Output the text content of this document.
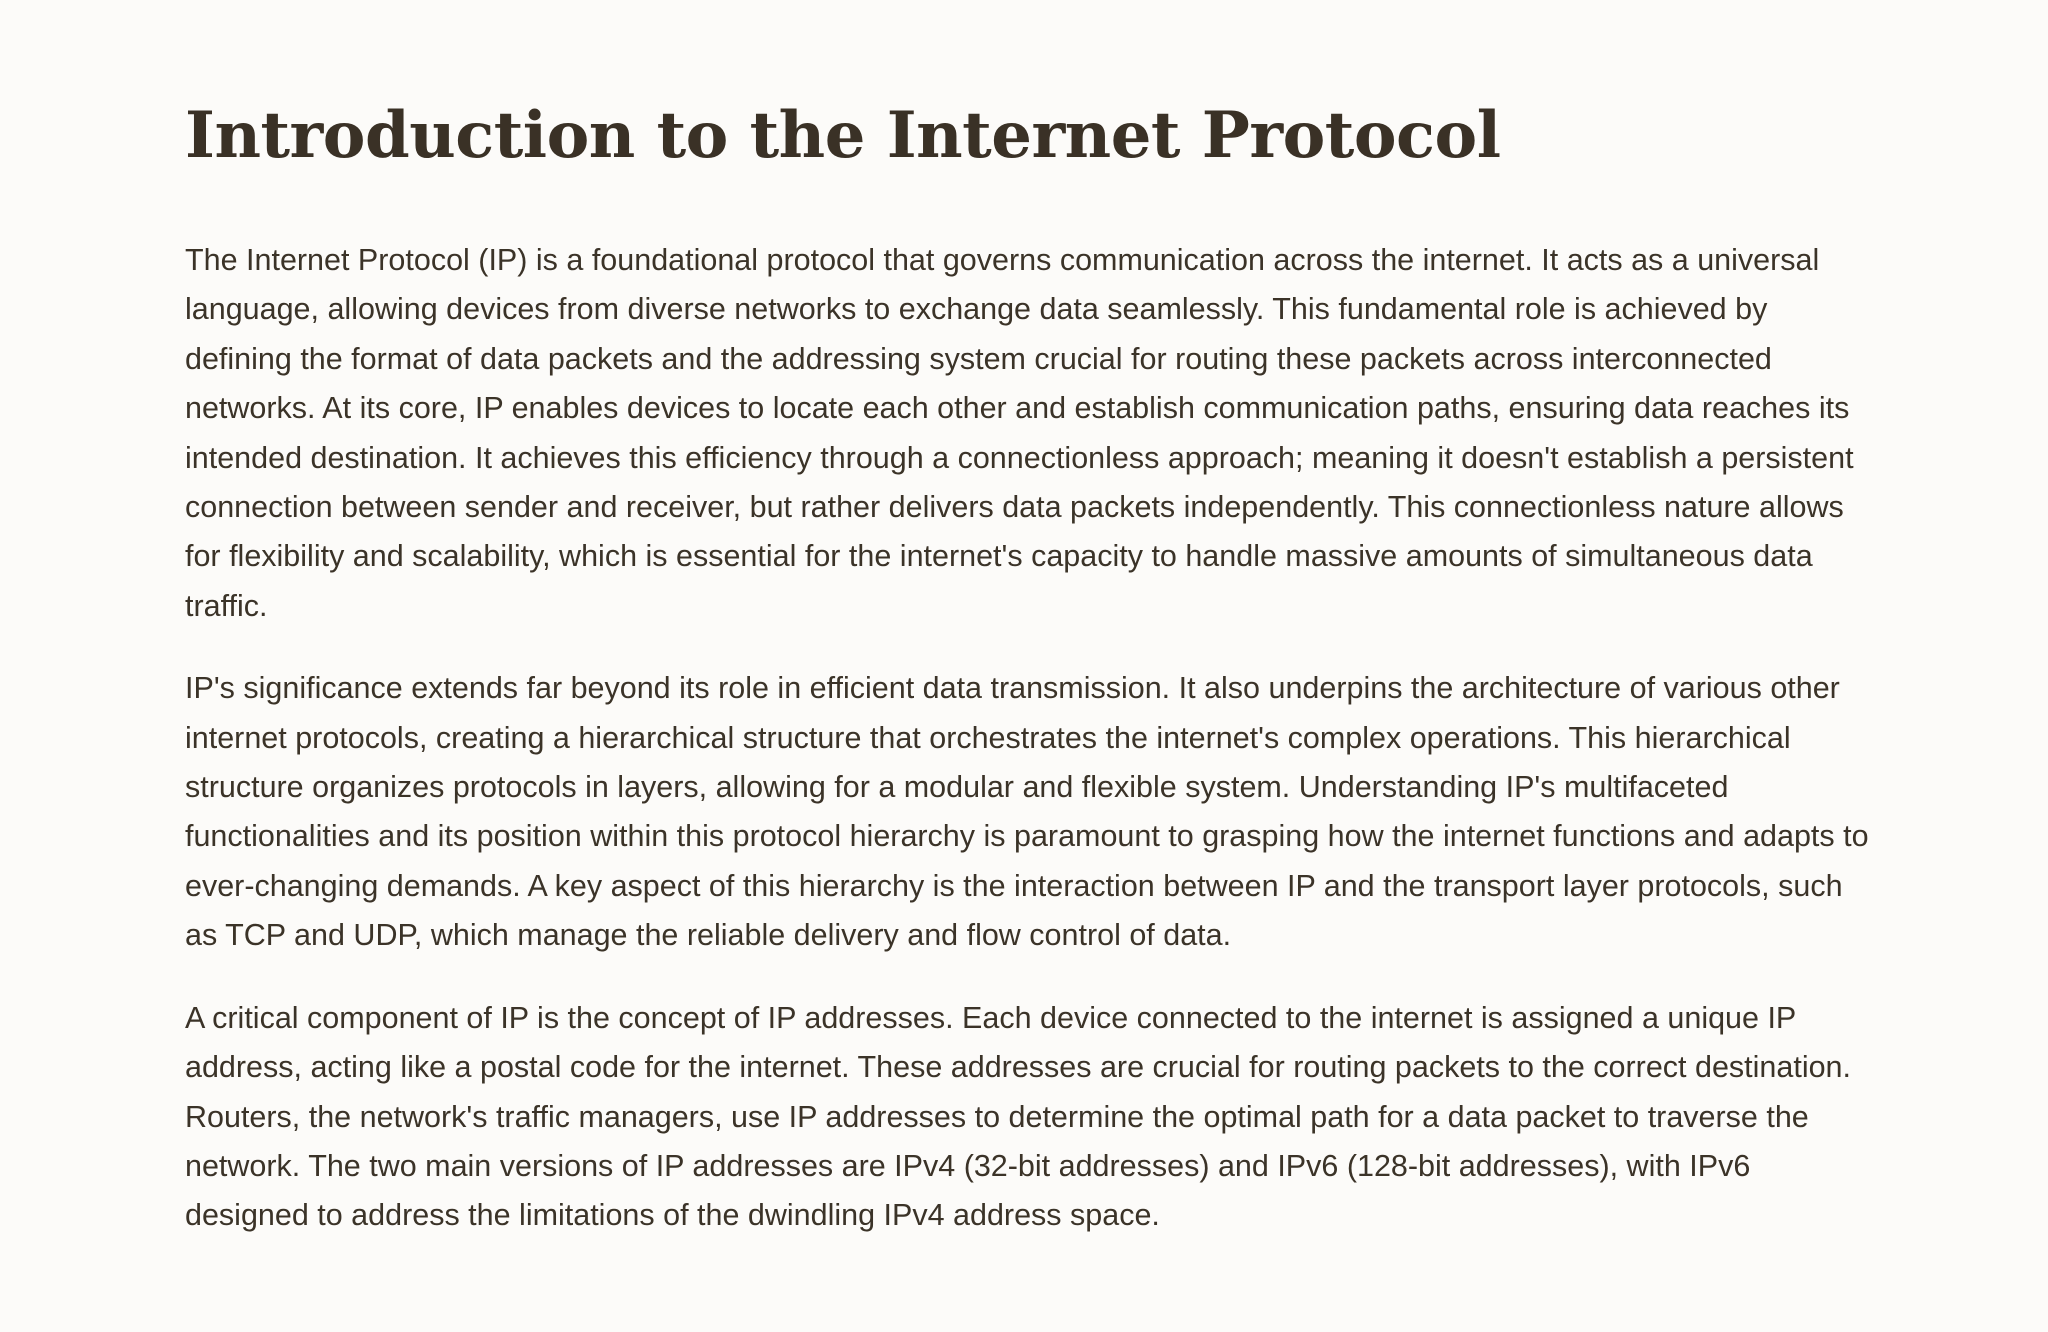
Introduction to the Internet Protocol

The Internet Protocol (IP) is a foundational protocol that governs communication across the internet. It acts as a universal language, allowing devices from diverse networks to exchange data seamlessly. This fundamental role is achieved by defining the format of data packets and the addressing system crucial for routing these packets across interconnected networks. At its core, IP enables devices to locate each other and establish communication paths, ensuring data reaches its intended destination. It achieves this efficiency through a connectionless approach; meaning it doesn't establish a persistent connection between sender and receiver, but rather delivers data packets independently. This connectionless nature allows for flexibility and scalability, which is essential for the internet's capacity to handle massive amounts of simultaneous data traffic.

IP's significance extends far beyond its role in efficient data transmission. It also underpins the architecture of various other internet protocols, creating a hierarchical structure that orchestrates the internet's complex operations. This hierarchical structure organizes protocols in layers, allowing for a modular and flexible system. Understanding IP's multifaceted functionalities and its position within this protocol hierarchy is paramount to grasping how the internet functions and adapts to ever-changing demands. A key aspect of this hierarchy is the interaction between IP and the transport layer protocols, such as TCP and UDP, which manage the reliable delivery and flow control of data.

A critical component of IP is the concept of IP addresses. Each device connected to the internet is assigned a unique IP address, acting like a postal code for the internet. These addresses are crucial for routing packets to the correct destination. Routers, the network's traffic managers, use IP addresses to determine the optimal path for a data packet to traverse the network. The two main versions of IP addresses are IPv4 (32-bit addresses) and IPv6 (128-bit addresses), with IPv6 designed to address the limitations of the dwindling IPv4 address space.
